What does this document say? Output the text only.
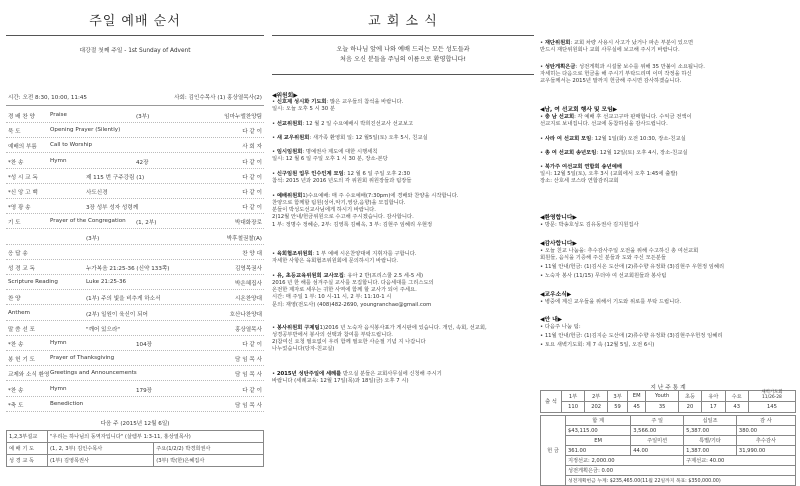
주일 예배 순서
대강절 첫째 주일 - 1st Sunday of Advent
시간: 오전 8:30, 10:00, 11:45	사회: 김인수목사 (1) 홍상열목사(2)
경 배 찬 양	Praise	(3부)	임마누엘찬양팀
묵 도	Opening Prayer (Silently)	다 같 이
예배의 부름 Call to Worship	사 회 자
*찬 송	Hymn	42장	다 같 이
*성 시 교 독	제 115 번 구주강림 (1)	다 같 이
*신 앙 고 백	사도신경	다 같 이
*영 광 송	3장 성부 성자 성령께	다 같 이
기 도	Prayer of the Congregation (1, 2부)	박대화장로
(3부)	박후철권찰(A)
응 답 송	찬 양 대
성 경 교 독	누가복음 21:25-36 (신약 133쪽)	김영목권사
Scripture Reading	Luke 21:25-36	박은혜집사
찬 양	(1부) 주의 빛을 비추게 하소서	시온찬양대
Anthem	(2부) 일원이 육신이 되어	호산나찬양대
말 씀 선 포	"깨어 있으라"	홍상열목사
*찬 송	Hymn	104장	다 같 이
봉 헌 기 도	Prayer of Thanksgiving	담 임 목 사
교제와 소식 환영 Greetings and Announcements	담 임 목 사
*찬 송	Hymn	179장	다 같 이
*축 도	Benediction	담 임 목 사
다음 주 (2015년 12월 6일)
1,2,3부설교	"우리는 하나님의 동역자입니다" (살렘부 1:3-11, 홍상열목사)	
예 배 기 도	(1, 2, 3부) 김인수목사	주요(1/2/2) 박경희권사
성 경 교 독	(1부) 김영목권사	(3부) 박(한)은혜집사
교 회 소 식
오늘 하나님 앞에 나와 예배 드리는 모든 성도들과
처음 오신 분들을 주님의 이름으로 환영합니다!
◀위원회▶
• 신호제 성시화 기도회: 많은 교우들의 참석을 바랍니다.
일시: 오늘 오후 5 시 30 분
• 선교위원회: 12 월 2 일 수요예배시 박희진선교사 선교보고
• 새 교우위원회: 새가족 환영회 일: 12 월5일(토) 오후 5시, 친교실
• 임시임원회: 명예권사 제도에 대한 시행세칙
일시: 12 월 6 일 주일 오후 1 시 30 분, 장소-본당
• 신구임원 업무 인수인계 모임: 12 월 6 일 주일 오후 2:30
참석: 2015 년과 2016 년도의 각 위원회 위원장들과 팀장들
• 예배위원회1)수요예배: 매 주 수요예배(7:30pm)에 경배와 찬양을 시작합니다.
찬양으로 함께할 팀원(성어,악기,영상,음향)을 모집합니다.
분들이 박성도선교사님에게 하시기 바랍니다.
2)12월 안내/헌금위원으로 수고해 주시겠습니다. 감사합니다.
1 부: 정명수 정혜순, 2부: 김영록 김혜옥, 3 부: 김현주 임혜리 우현정
• 육회협조위원회: 1 부 예배 시온찬양대에 지휘자를 구합니다.
자세한 사항은 육회협조위원회에 문의하시기 바랍니다.
• 유, 초등교육위원회 교사모집: 유아 2 반(프리스쿨 2.5 세-5 세)
2016 년 한 해를 섬겨주실 교사를 모집합니다. 다음세대를 그리스도의
온전한 제자로 세우는 귀한 사역에 함께 할 교사가 되어 주세요.
시간: 매 주일 1 부: 10 시-11 시, 2 부: 11:10-1 시
문의: 재영(전도사) (408)482-2690, youngranchae@gmail.com
• 봉사위원회 구제팀1)2016 년 노숙자 음식봉사표가 게시판에 있습니다. 개인, 속회, 선교회,
성경공부반에서 봉사의 선택과 참여를 부탁드립니다.
2)참여신 요청 필요없이 우리 함께 필요한 사순절 기념 지 나갑니다
나누었습니다(당자-친교실)
• 2015년 성탄주일에 세례를 받으실 분들은 교회사무실에 신청해 주시기
바랍니다 (세례교육: 12월 17일(목)과 18일(금) 오후 7 시)
• 재단위원회: 교회 차량 사용시 사고가 났거나 파손 부분이 있으면
반드시 재단위원회나 교회 사무실에 보고해 주시기 바랍니다.
• 성탄게획은금: 성전게획과 시설물 보수를 위해 35 만불이 소요됩니다.
자세히는 다음으로 헌금을 해 주시기 부탁드리며 이미 작정을 하신
교우들께서는 2015년 말까지 헌금해 주시면 감사하겠습니다.
◀남, 여 선교회 행사 및 모임▶
• 충 남 선교회: 각 예배 후 선교고구마 판매합니다. 수익금 전액이
선교지로 보내집니다. 선교에 동참하심을 감사드립니다.
• 사라 여 선교회 모임: 12월 1일(화) 오전 10:30, 장소-친교실
• 총 여 선교회 송년모임: 12월 12일(토) 오후 4시, 장소-친교실
• 북가주 여선교회 연합회 송년예배
일시: 12월 5일(토), 오후 3시 (교회에서 오후 1:45에 출발)
장소: 산호세 코스타 연합감리교회
◀환영합니다▶
• 방문: 박송호성도 김유동권사 김지원집사
◀감사합니다▶
• 오늘 친교 나눔을: 추수감사주일 오전을 위해 수고하신 총 여선교회
회원들, 음식을 기증해 주신 분들과 도와 주신 모든분들
• 11월 안내/헌금: (1)김시온 도산애 (2)류수향 유정화 (3)김현주 우헌정 임혜리
• 노숙자 봉사 (11/15) 무더야 여 선교회원들과 봉사팀
◀교우소식▶
• 병중에 계신 교우들을 위해서 기도와 위로를 부탁 드립니다.
◀안 내▶
• 다음주 나눔 팀:
• 11월 안내/헌금: (1)김지순 도산애 (2)류수향 유정화 (3)김현주우헌정 임혜리
• 토요 새벽기도회: 제 7 속 (12월 5일, 오전 6시)
지 난 주 통 계
출 석	1부	2부	3부	EM	Youth	초등	유아	수요	새벽기도회
11/26-28
	110	202	59	45	35	20	17	43	145
헌 금	합 계	주 일	십일조	감 사
	$43,115.00	3,566.00	5,387.00	380.00
	EM	주일미션	특별/기타	추수감사
	361.00	44.00	1,387.00	31,990.00
	지정선교: 2,000.00		구제선교: 40.00	
	성전게획은금: 0.00			
	성전게획헌금 누계: $235,465.00(11월 22일까지 목표: $350,000.00)			
